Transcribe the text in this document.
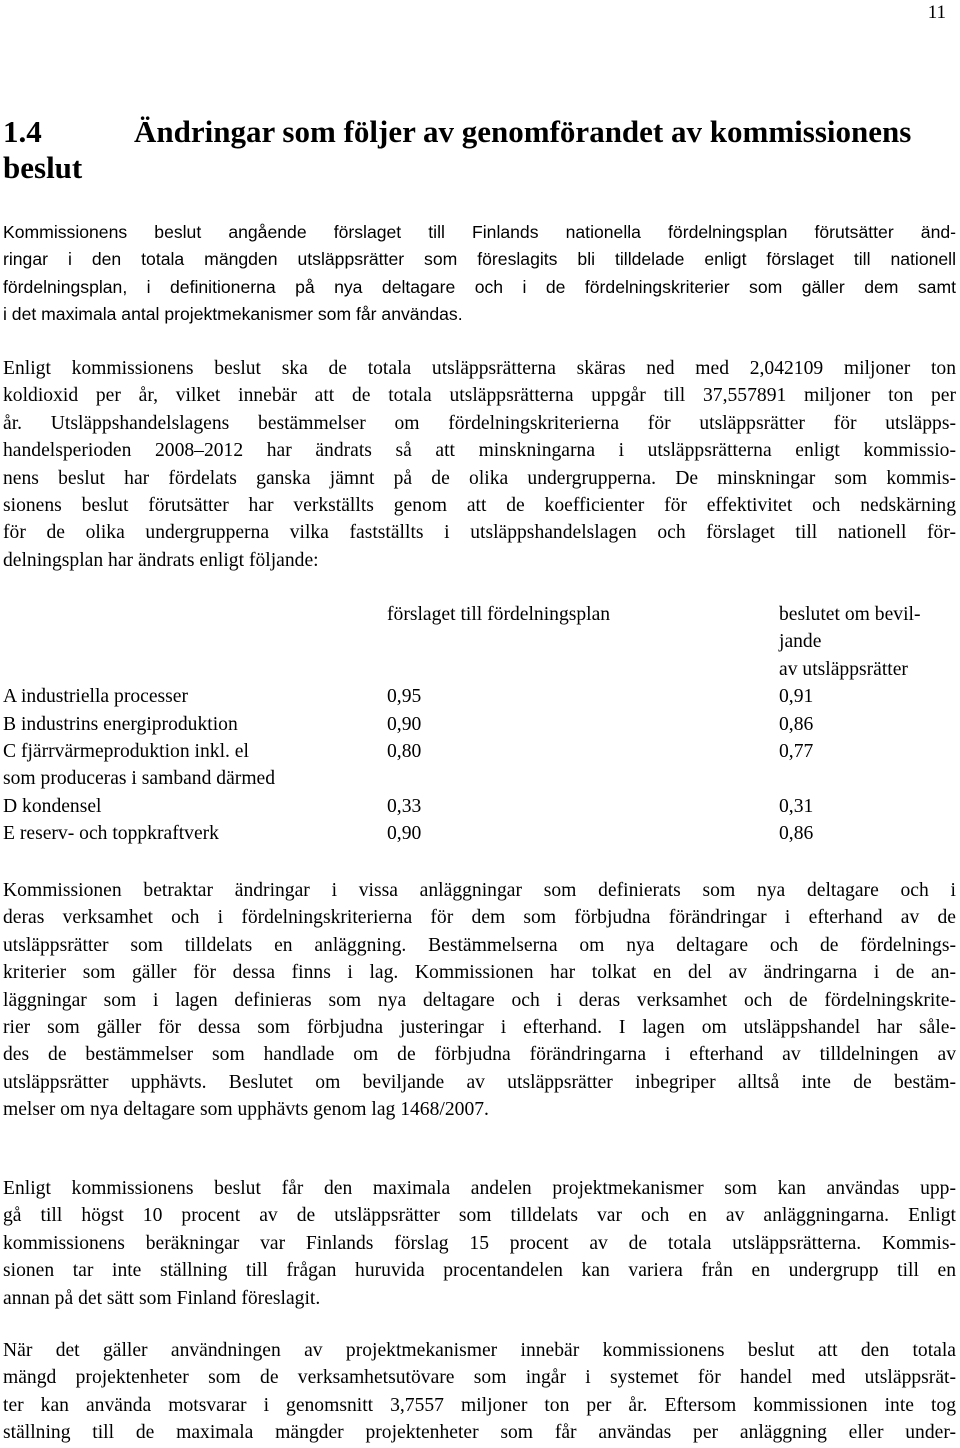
11
1.4	Ändringar som följer av genomförandet av kommissionens
beslut
Kommissionens beslut angående förslaget till Finlands nationella fördelningsplan förutsätter änd-
ringar i den totala mängden utsläppsrätter som föreslagits bli tilldelade enligt förslaget till nationell
fördelningsplan, i definitionerna på nya deltagare och i de fördelningskriterier som gäller dem samt
i det maximala antal projektmekanismer som får användas.
Enligt kommissionens beslut ska de totala utsläppsrätterna skäras ned med 2,042109 miljoner ton
koldioxid per år, vilket innebär att de totala utsläppsrätterna uppgår till 37,557891 miljoner ton per
år. Utsläppshandelslagens bestämmelser om fördelningskriterierna för utsläppsrätter för utsläpps-
handelsperioden 2008–2012 har ändrats så att minskningarna i utsläppsrätterna enligt kommissio-
nens beslut har fördelats ganska jämnt på de olika undergrupperna. De minskningar som kommis-
sionens beslut förutsätter har verkställts genom att de koefficienter för effektivitet och nedskärning
för de olika undergrupperna vilka fastställts i utsläppshandelslagen och förslaget till nationell för-
delningsplan har ändrats enligt följande:
	förslaget till fördelningsplan	beslutet om bevil-
jande
av utsläppsrätter

A industriella processer	0,95	0,91
B industrins energiproduktion	0,90	0,86

C fjärrvärmeproduktion inkl. el
som produceras i samband därmed	0,80	0,77
D kondensel	0,33	0,31
E reserv- och toppkraftverk	0,90	0,86
Kommissionen betraktar ändringar i vissa anläggningar som definierats som nya deltagare och i
deras verksamhet och i fördelningskriterierna för dem som förbjudna förändringar i efterhand av de
utsläppsrätter som tilldelats en anläggning. Bestämmelserna om nya deltagare och de fördelnings-
kriterier som gäller för dessa finns i lag. Kommissionen har tolkat en del av ändringarna i de an-
läggningar som i lagen definieras som nya deltagare och i deras verksamhet och de fördelningskrite-
rier som gäller för dessa som förbjudna justeringar i efterhand. I lagen om utsläppshandel har såle-
des de bestämmelser som handlade om de förbjudna förändringarna i efterhand av tilldelningen av
utsläppsrätter upphävts. Beslutet om beviljande av utsläppsrätter inbegriper alltså inte de bestäm-
melser om nya deltagare som upphävts genom lag 1468/2007.
Enligt kommissionens beslut får den maximala andelen projektmekanismer som kan användas upp-
gå till högst 10 procent av de utsläppsrätter som tilldelats var och en av anläggningarna. Enligt
kommissionens beräkningar var Finlands förslag 15 procent av de totala utsläppsrätterna. Kommis-
sionen tar inte ställning till frågan huruvida procentandelen kan variera från en undergrupp till en
annan på det sätt som Finland föreslagit.
När det gäller användningen av projektmekanismer innebär kommissionens beslut att den totala
mängd projektenheter som de verksamhetsutövare som ingår i systemet för handel med utsläppsrät-
ter kan använda motsvarar i genomsnitt 3,7557 miljoner ton per år. Eftersom kommissionen inte tog
ställning till de maximala mängder projektenheter som får användas per anläggning eller under-
